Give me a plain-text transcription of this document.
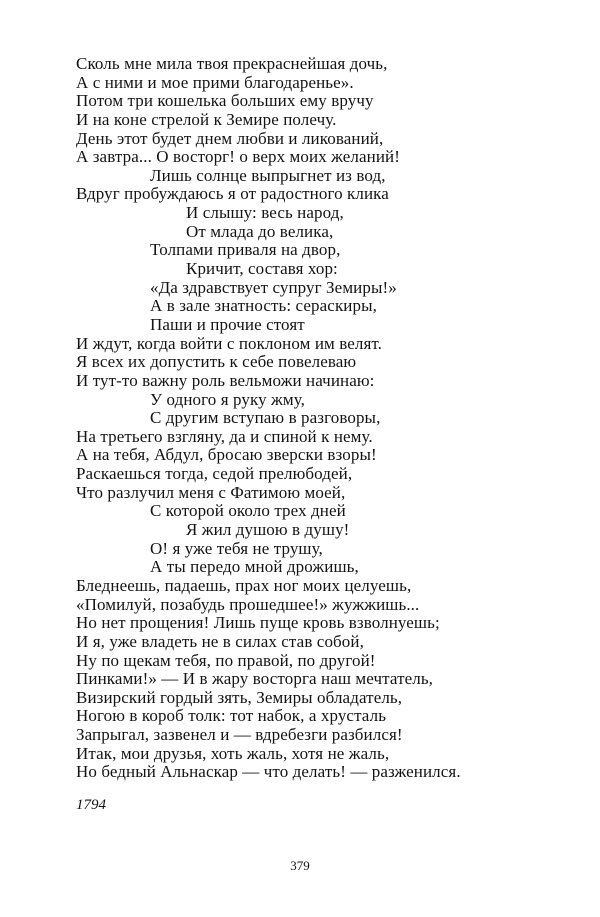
Сколь мне мила твоя прекраснейшая дочь,
А с ними и мое прими благодаренье».
Потом три кошелька больших ему вручу
И на коне стрелой к Земире полечу.
День этот будет днем любви и ликований,
А завтра... О восторг! о верх моих желаний!
Лишь солнце выпрыгнет из вод,
Вдруг пробуждаюсь я от радостного клика
И слышу: весь народ,
От млада до велика,
Толпами приваля на двор,
Кричит, составя хор:
«Да здравствует супруг Земиры!»
А в зале знатность: сераскиры,
Паши и прочие стоят
И ждут, когда войти с поклоном им велят.
Я всех их допустить к себе повелеваю
И тут-то важну роль вельможи начинаю:
У одного я руку жму,
С другим вступаю в разговоры,
На третьего взгляну, да и спиной к нему.
А на тебя, Абдул, бросаю зверски взоры!
Раскаешься тогда, седой прелюбодей,
Что разлучил меня с Фатимою моей,
С которой около трех дней
Я жил душою в душу!
О! я уже тебя не трушу,
А ты передо мной дрожишь,
Бледнеешь, падаешь, прах ног моих целуешь,
«Помилуй, позабудь прошедшее!» жужжишь...
Но нет прощения! Лишь пуще кровь взволнуешь;
И я, уже владеть не в силах став собой,
Ну по щекам тебя, по правой, по другой!
Пинками!» — И в жару восторга наш мечтатель,
Визирский гордый зять, Земиры обладатель,
Ногою в короб толк: тот набок, а хрусталь
Запрыгал, зазвенел и — вдребезги разбился!
Итак, мои друзья, хоть жаль, хотя не жаль,
Но бедный Альнаскар — что делать! — разженился.
1794
379
